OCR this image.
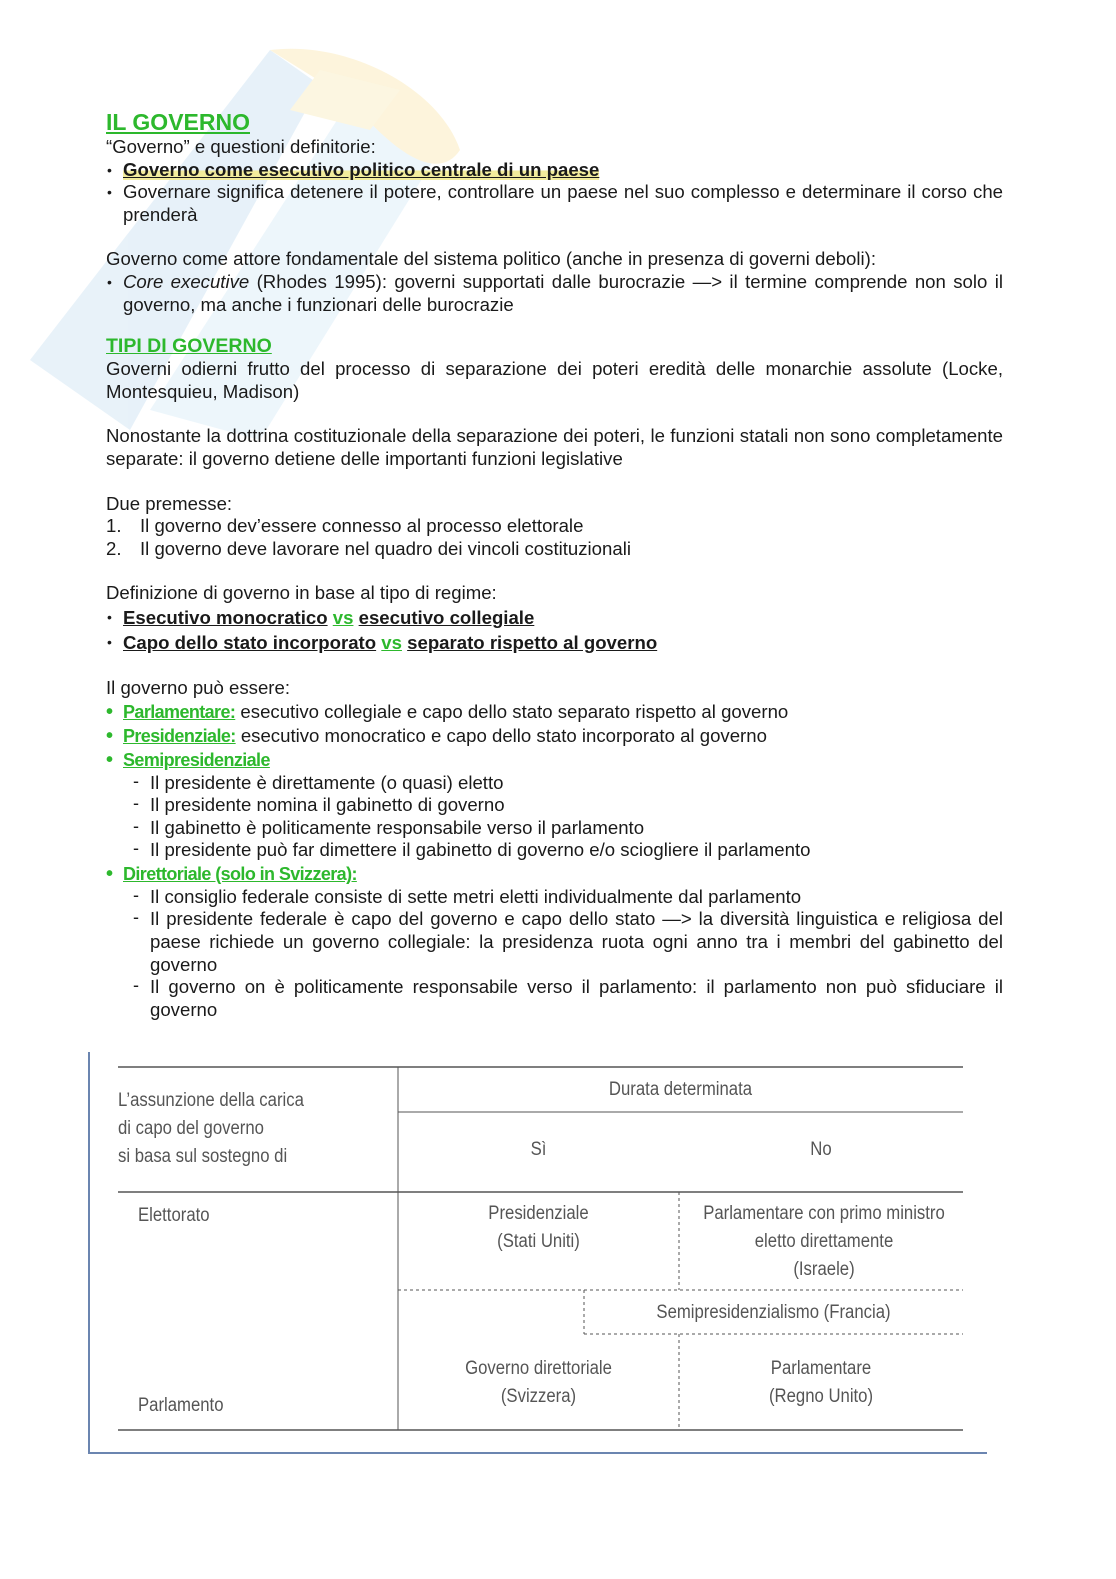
IL GOVERNO

“Governo” e questioni definitorie:

• Governo come esecutivo politico centrale di un paese
• Governare significa detenere il potere, controllare un paese nel suo complesso e determinare il corso che prenderà

Governo come attore fondamentale del sistema politico (anche in presenza di governi deboli):

• Core executive (Rhodes 1995): governi supportati dalle burocrazie —> il termine comprende non solo il governo, ma anche i funzionari delle burocrazie
TIPI DI GOVERNO

Governi odierni frutto del processo di separazione dei poteri eredità delle monarchie assolute (Locke, Montesquieu, Madison)

Nonostante la dottrina costituzionale della separazione dei poteri, le funzioni statali non sono completamente separate: il governo detiene delle importanti funzioni legislative

Due premesse:

1. Il governo dev’essere connesso al processo elettorale
2. Il governo deve lavorare nel quadro dei vincoli costituzionali

Definizione di governo in base al tipo di regime:

• Esecutivo monocratico vs esecutivo collegiale
• Capo dello stato incorporato vs separato rispetto al governo

Il governo può essere:

• Parlamentare: esecutivo collegiale e capo dello stato separato rispetto al governo
• Presidenziale: esecutivo monocratico e capo dello stato incorporato al governo
• Semipresidenziale
- Il presidente è direttamente (o quasi) eletto
- Il presidente nomina il gabinetto di governo
- Il gabinetto è politicamente responsabile verso il parlamento
- Il presidente può far dimettere il gabinetto di governo e/o sciogliere il parlamento
• Direttoriale (solo in Svizzera):
- Il consiglio federale consiste di sette metri eletti individualmente dal parlamento
- Il presidente federale è capo del governo e capo dello stato —> la diversità linguistica e religiosa del paese richiede un governo collegiale: la presidenza ruota ogni anno tra i membri del gabinetto del governo
- Il governo on è politicamente responsabile verso il parlamento: il parlamento non può sfiduciare il governo
L’assunzione della carica
di capo del governo
si basa sul sostegno di
Durata determinata
Sì	No
Elettorato
Parlamento
Presidenziale
(Stati Uniti)
Parlamentare con primo ministro
eletto direttamente
(Israele)
Semipresidenzialismo (Francia)
Governo direttoriale
(Svizzera)
Parlamentare
(Regno Unito)
